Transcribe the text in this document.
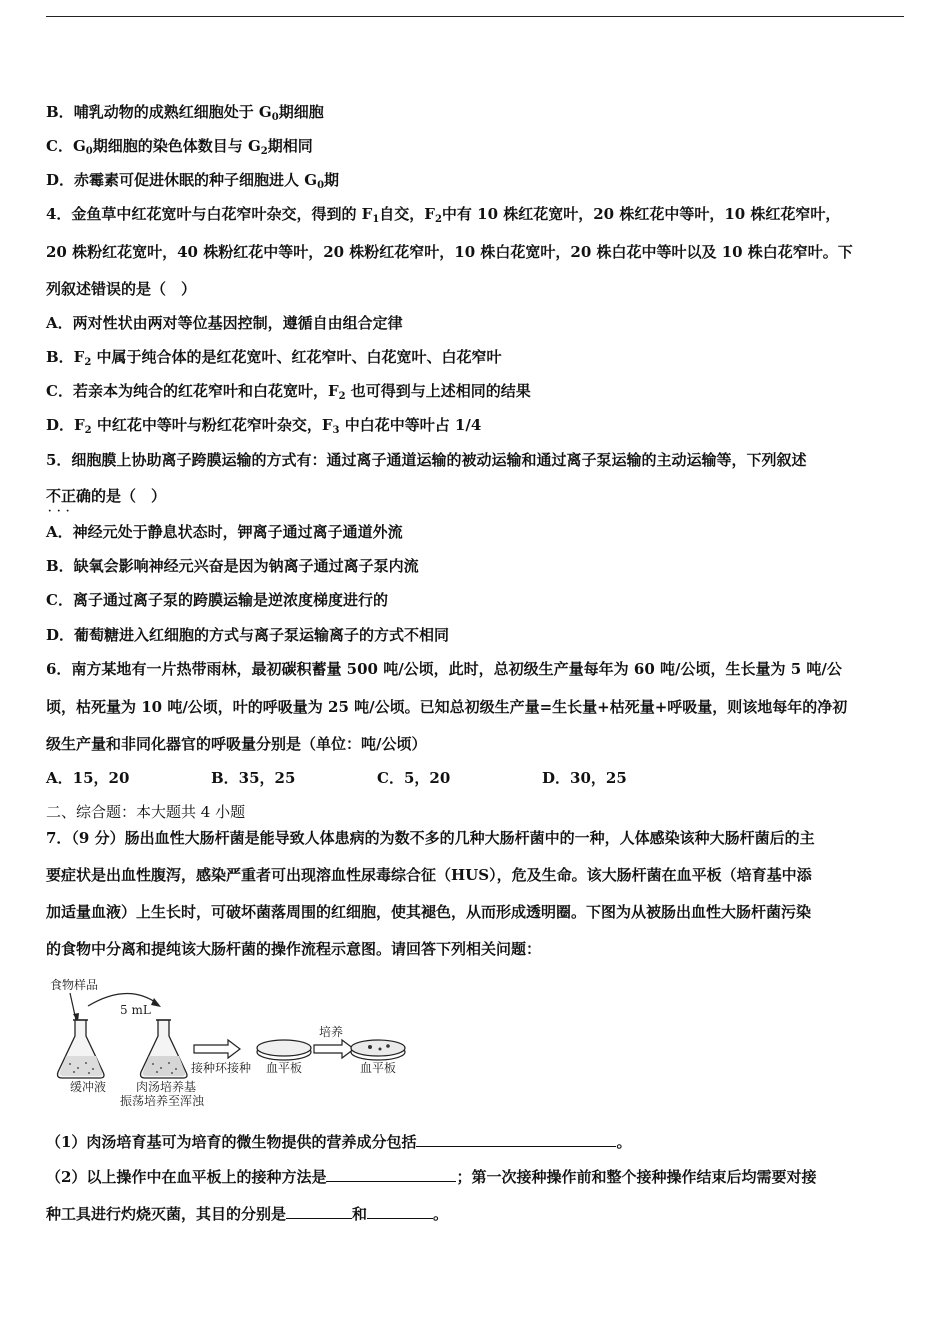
B．哺乳动物的成熟红细胞处于 $G_0$期细胞
C．$G_0$期细胞的染色体数目与 $G_2$期相同
D．赤霉素可促进休眠的种子细胞进人 $G_0$期
4．金鱼草中红花宽叶与白花窄叶杂交，得到的 $F_1$自交，$F_2$中有 10 株红花宽叶，20 株红花中等叶，10 株红花窄叶，
20 株粉红花宽叶，40 株粉红花中等叶，20 株粉红花窄叶，10 株白花宽叶，20 株白花中等叶以及 10 株白花窄叶。下
列叙述错误的是（　）
A．两对性状由两对等位基因控制，遵循自由组合定律
B．$F_2$ 中属于纯合体的是红花宽叶、红花窄叶、白花宽叶、白花窄叶
C．若亲本为纯合的红花窄叶和白花宽叶，$F_2$ 也可得到与上述相同的结果
D．$F_2$ 中红花中等叶与粉红花窄叶杂交，$F_3$ 中白花中等叶占 1/4
5．细胞膜上协助离子跨膜运输的方式有：通过离子通道运输的被动运输和通过离子泵运输的主动运输等，下列叙述
不正确 · · ·的是（　）
A．神经元处于静息状态时，钾离子通过离子通道外流
B．缺氧会影响神经元兴奋是因为钠离子通过离子泵内流
C．离子通过离子泵的跨膜运输是逆浓度梯度进行的
D．葡萄糖进入红细胞的方式与离子泵运输离子的方式不相同
6．南方某地有一片热带雨林，最初碳积蓄量 500 吨/公顷，此时，总初级生产量每年为 60 吨/公顷，生长量为 5 吨/公
顷，枯死量为 10 吨/公顷，叶的呼吸量为 25 吨/公顷。已知总初级生产量=生长量+枯死量+呼吸量，则该地每年的净初
级生产量和非同化器官的呼吸量分别是（单位：吨/公顷）
A．15，20	B．35，25	C．5，20	D．30，25
二、综合题：本大题共 4 小题
7．（9 分）肠出血性大肠杆菌是能导致人体患病的为数不多的几种大肠杆菌中的一种，人体感染该种大肠杆菌后的主
要症状是出血性腹泻，感染严重者可出现溶血性尿毒综合征（HUS），危及生命。该大肠杆菌在血平板（培育基中添
加适量血液）上生长时，可破坏菌落周围的红细胞，使其褪色，从而形成透明圈。下图为从被肠出血性大肠杆菌污染
的食物中分离和提纯该大肠杆菌的操作流程示意图。请回答下列相关问题：
食物样品
缓冲液
5 mL
肉汤培养基
振荡培养至浑浊
接种环接种 血平板
培养
血平板
（1）肉汤培育基可为培育的微生物提供的营养成分包括	。
（2）以上操作中在血平板上的接种方法是	；第一次接种操作前和整个接种操作结束后均需要对接
种工具进行灼烧灭菌，其目的分别是	和	。
